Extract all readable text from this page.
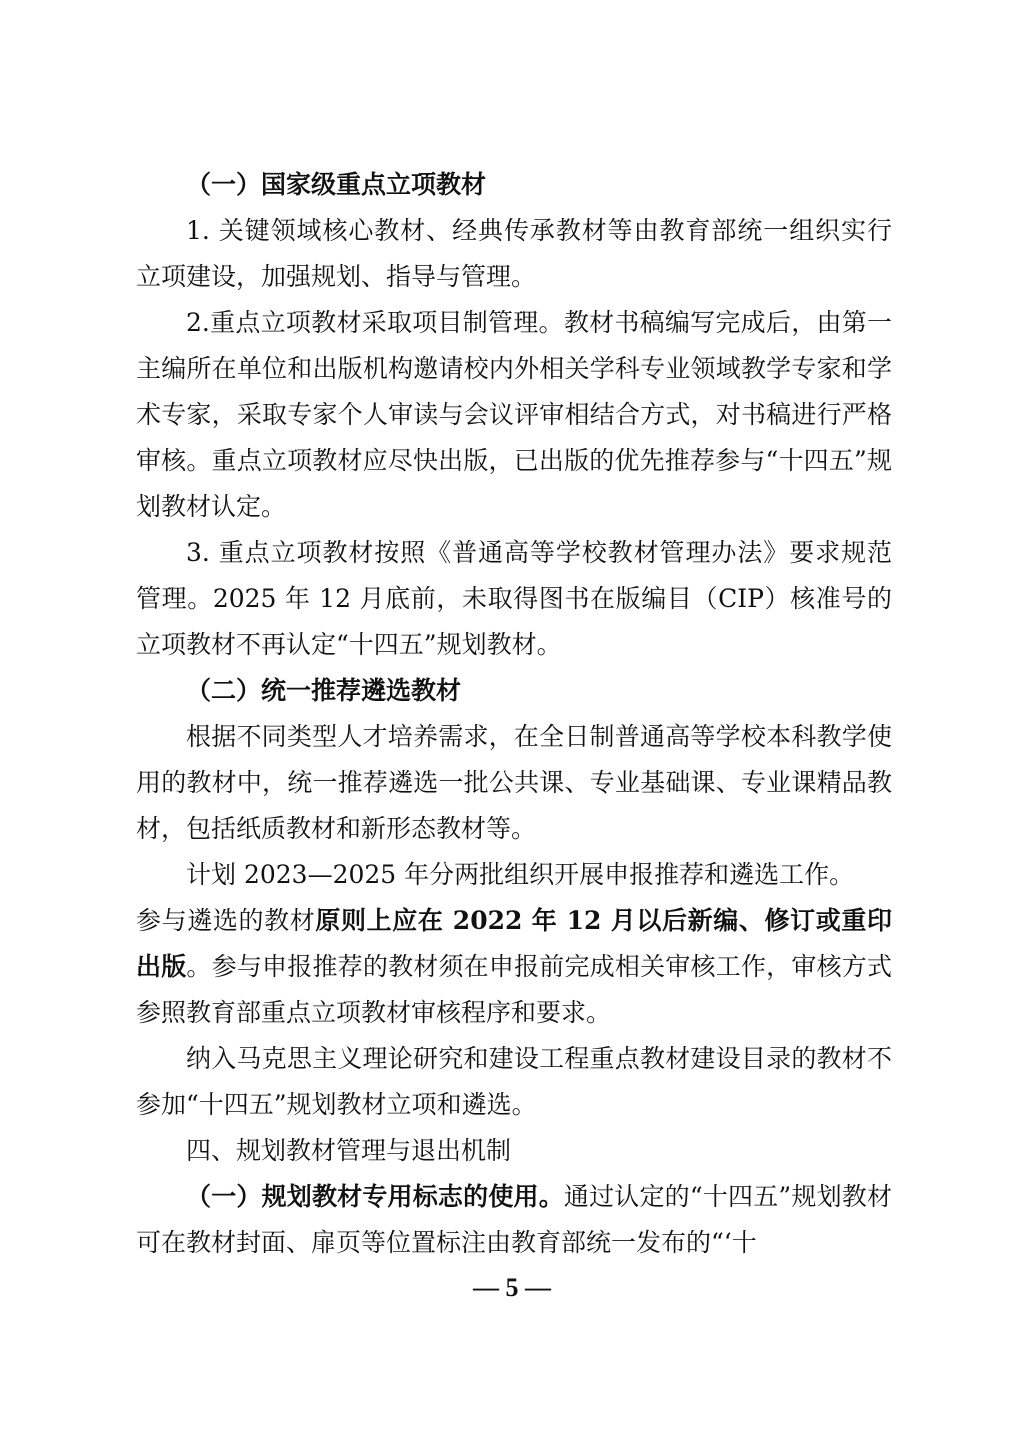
（一）国家级重点立项教材

1. 关键领域核心教材、经典传承教材等由教育部统一组织实行立项建设，加强规划、指导与管理。

2.重点立项教材采取项目制管理。教材书稿编写完成后，由第一主编所在单位和出版机构邀请校内外相关学科专业领域教学专家和学术专家，采取专家个人审读与会议评审相结合方式，对书稿进行严格审核。重点立项教材应尽快出版，已出版的优先推荐参与“十四五”规划教材认定。

3. 重点立项教材按照《普通高等学校教材管理办法》要求规范管理。2025 年 12 月底前，未取得图书在版编目（CIP）核准号的立项教材不再认定“十四五”规划教材。

（二）统一推荐遴选教材

根据不同类型人才培养需求，在全日制普通高等学校本科教学使用的教材中，统一推荐遴选一批公共课、专业基础课、专业课精品教材，包括纸质教材和新形态教材等。

计划 2023—2025 年分两批组织开展申报推荐和遴选工作。

参与遴选的教材原则上应在 2022 年 12 月以后新编、修订或重印出版。参与申报推荐的教材须在申报前完成相关审核工作，审核方式参照教育部重点立项教材审核程序和要求。

纳入马克思主义理论研究和建设工程重点教材建设目录的教材不参加“十四五”规划教材立项和遴选。

四、规划教材管理与退出机制

（一）规划教材专用标志的使用。通过认定的“十四五”规划教材可在教材封面、扉页等位置标注由教育部统一发布的“‘十

— 5 —
